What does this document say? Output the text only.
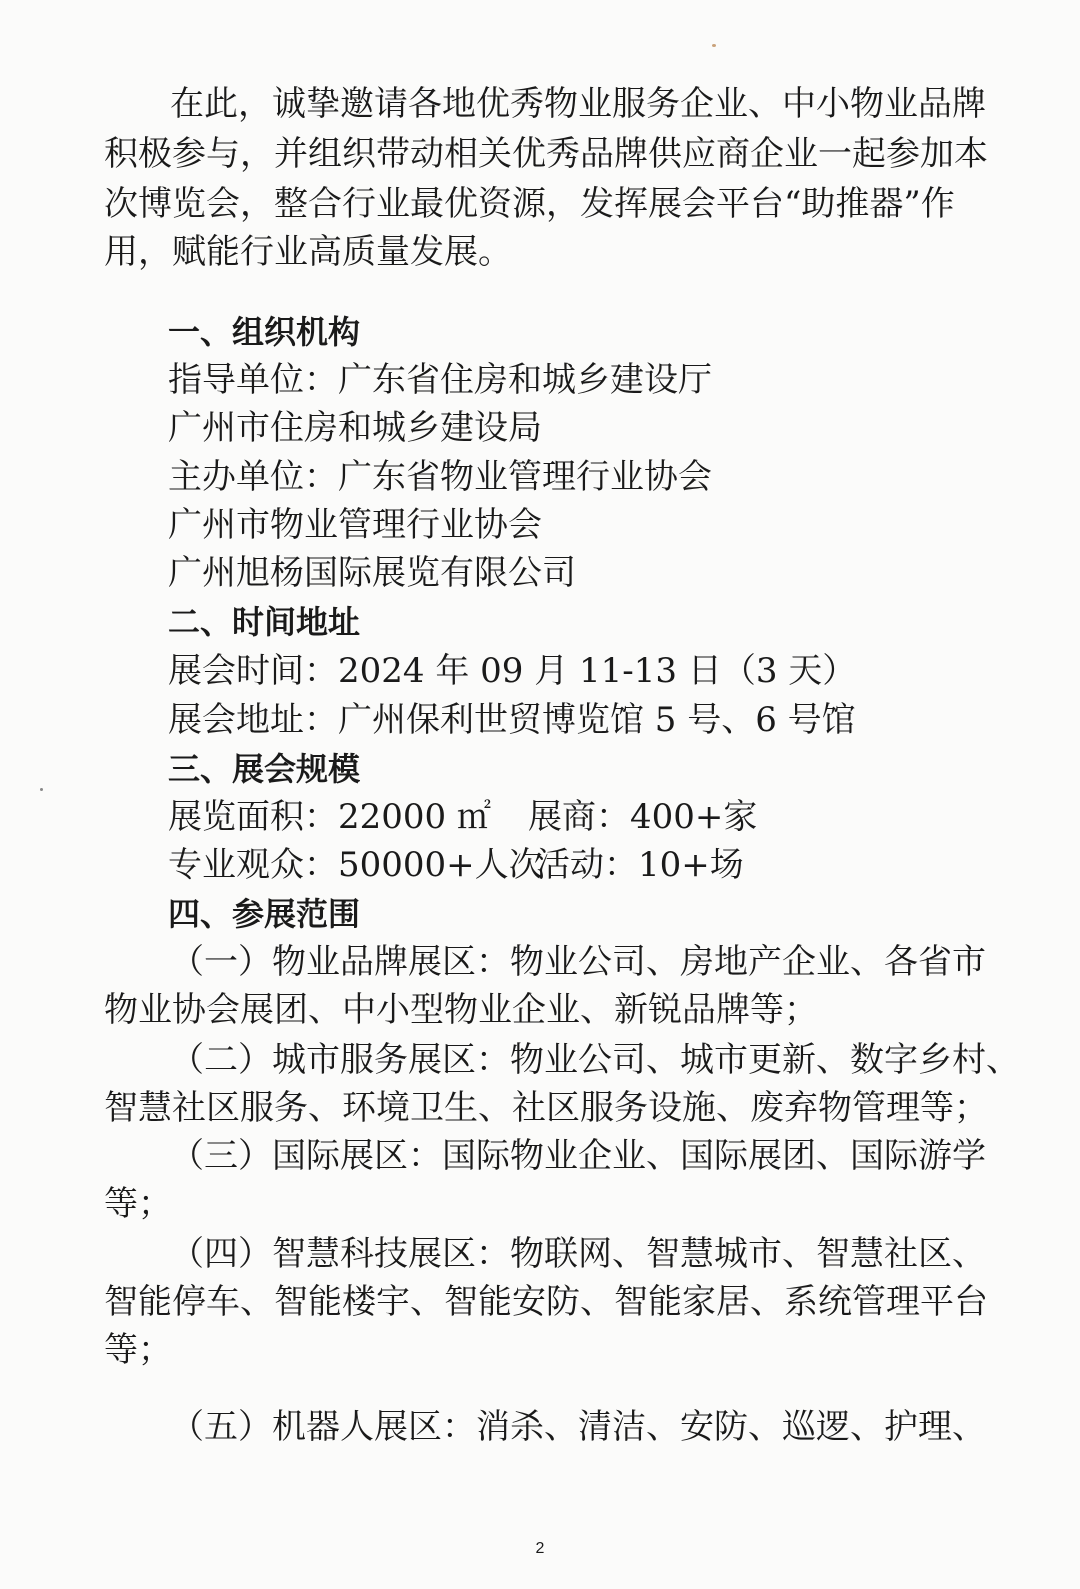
在此，诚挚邀请各地优秀物业服务企业、中小物业品牌
积极参与，并组织带动相关优秀品牌供应商企业一起参加本
次博览会，整合行业最优资源，发挥展会平台“助推器”作
用，赋能行业高质量发展。
一、组织机构
指导单位：广东省住房和城乡建设厅
广州市住房和城乡建设局
主办单位：广东省物业管理行业协会
广州市物业管理行业协会
广州旭杨国际展览有限公司
二、时间地址
展会时间：2024 年 09 月 11-13 日（3 天）
展会地址：广州保利世贸博览馆 5 号、6 号馆
三、展会规模
展览面积：22000 ㎡ 展商：400+家
专业观众：50000+人次
活动：10+场
四、参展范围
（一）物业品牌展区：物业公司、房地产企业、各省市
物业协会展团、中小型物业企业、新锐品牌等；
（二）城市服务展区：物业公司、城市更新、数字乡村、
智慧社区服务、环境卫生、社区服务设施、废弃物管理等；
（三）国际展区：国际物业企业、国际展团、国际游学
等；
（四）智慧科技展区：物联网、智慧城市、智慧社区、
智能停车、智能楼宇、智能安防、智能家居、系统管理平台
等；
（五）机器人展区：消杀、清洁、安防、巡逻、护理、
2
